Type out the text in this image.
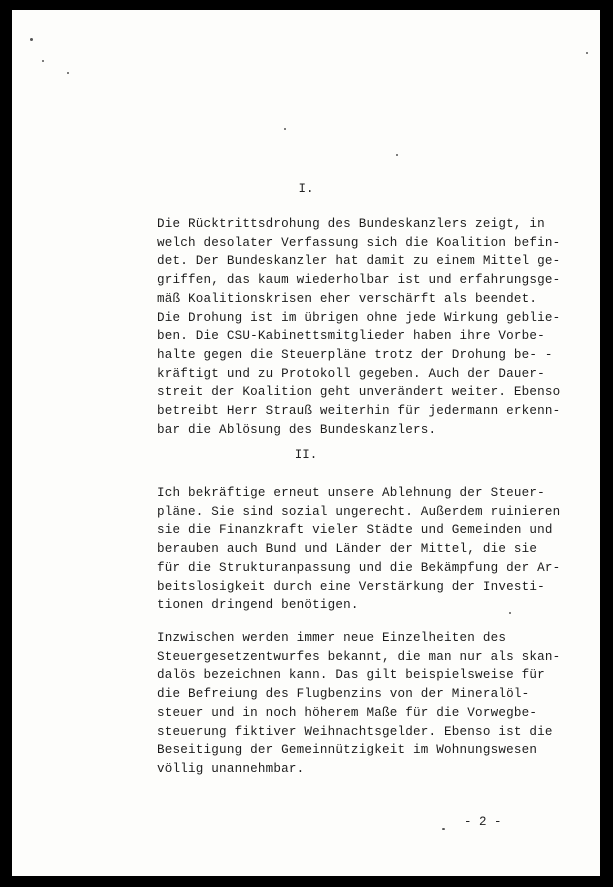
I.
Die Rücktrittsdrohung des Bundeskanzlers zeigt, in
welch desolater Verfassung sich die Koalition befin-
det. Der Bundeskanzler hat damit zu einem Mittel ge-
griffen, das kaum wiederholbar ist und erfahrungsge-
mäß Koalitionskrisen eher verschärft als beendet.
Die Drohung ist im übrigen ohne jede Wirkung geblie-
ben. Die CSU-Kabinettsmitglieder haben ihre Vorbe-
halte gegen die Steuerpläne trotz der Drohung be- -
kräftigt und zu Protokoll gegeben. Auch der Dauer-
streit der Koalition geht unverändert weiter. Ebenso
betreibt Herr Strauß weiterhin für jedermann erkenn-
bar die Ablösung des Bundeskanzlers.
II.
Ich bekräftige erneut unsere Ablehnung der Steuer-
pläne. Sie sind sozial ungerecht. Außerdem ruinieren
sie die Finanzkraft vieler Städte und Gemeinden und
berauben auch Bund und Länder der Mittel, die sie
für die Strukturanpassung und die Bekämpfung der Ar-
beitslosigkeit durch eine Verstärkung der Investi-
tionen dringend benötigen.
Inzwischen werden immer neue Einzelheiten des
Steuergesetzentwurfes bekannt, die man nur als skan-
dalös bezeichnen kann. Das gilt beispielsweise für
die Befreiung des Flugbenzins von der Mineralöl-
steuer und in noch höherem Maße für die Vorwegbe-
steuerung fiktiver Weihnachtsgelder. Ebenso ist die
Beseitigung der Gemeinnützigkeit im Wohnungswesen
völlig unannehmbar.
- 2 -
